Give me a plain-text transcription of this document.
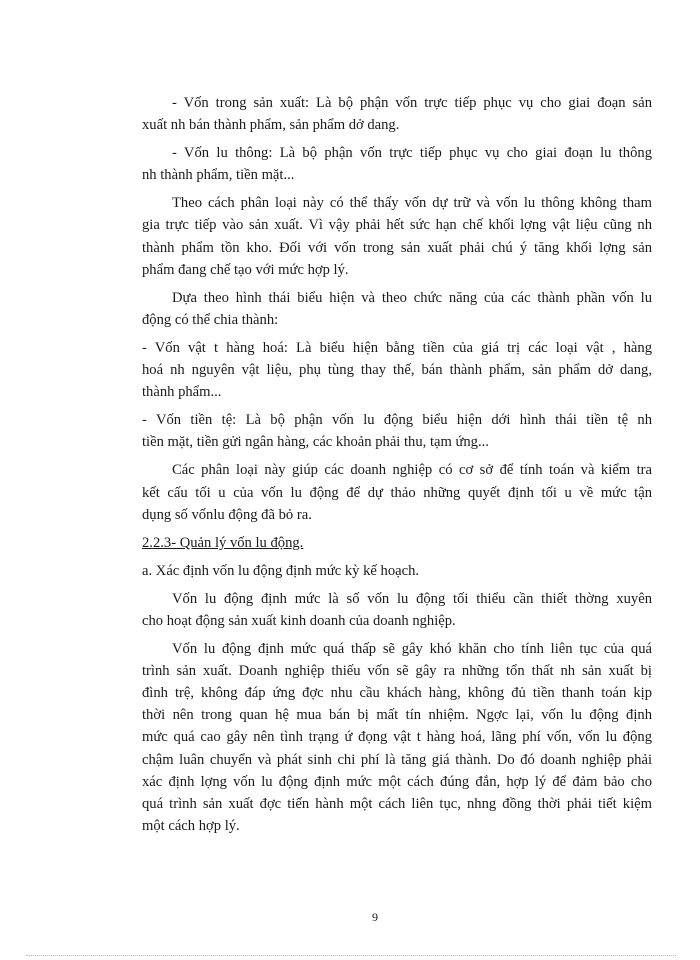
- Vốn trong sản xuất: Là bộ phận vốn trực tiếp phục vụ cho giai đoạn sản
xuất nh bán thành phẩm, sản phẩm dở dang.
- Vốn lu thông: Là bộ phận vốn trực tiếp phục vụ cho giai đoạn lu thông
nh thành phẩm, tiền mặt...
Theo cách phân loại này có thể thấy vốn dự trữ và vốn lu thông không tham
gia trực tiếp vào sản xuất. Vì vậy phải hết sức hạn chế khối lợng vật liệu cũng nh
thành phẩm tồn kho. Đối với vốn trong sản xuất phải chú ý tăng khối lợng sản
phẩm đang chế tạo với mức hợp lý.
Dựa theo hình thái biểu hiện và theo chức năng của các thành phần vốn lu
động có thể chia thành:
- Vốn vật t hàng hoá: Là biểu hiện bằng tiền của giá trị các loại vật , hàng
hoá nh nguyên vật liệu, phụ tùng thay thế, bán thành phẩm, sản phẩm dở dang,
thành phẩm...
- Vốn tiền tệ: Là bộ phận vốn lu động biểu hiện dới hình thái tiền tệ nh
tiền mặt, tiền gửi ngân hàng, các khoản phải thu, tạm ứng...
Các phân loại này giúp các doanh nghiệp có cơ sở để tính toán và kiểm tra
kết cấu tối u của vốn lu động để dự thảo những quyết định tối u về mức tận
dụng số vốnlu động đã bỏ ra.
2.2.3- Quản lý vốn lu động.
a. Xác định vốn lu động định mức kỳ kế hoạch.
Vốn lu động định mức là số vốn lu động tối thiểu cần thiết thờng xuyên
cho hoạt động sản xuất kinh doanh của doanh nghiệp.
Vốn lu động định mức quá thấp sẽ gây khó khăn cho tính liên tục của quá
trình sản xuất. Doanh nghiệp thiếu vốn sẽ gây ra những tổn thất nh sản xuất bị
đình trệ, không đáp ứng đợc nhu cầu khách hàng, không đủ tiền thanh toán kịp
thời nên trong quan hệ mua bán bị mất tín nhiệm. Ngợc lại, vốn lu động định
mức quá cao gây nên tình trạng ứ đọng vật t hàng hoá, lãng phí vốn, vốn lu động
chậm luân chuyển và phát sinh chi phí là tăng giá thành. Do đó doanh nghiệp phải
xác định lợng vốn lu động định mức một cách đúng đắn, hợp lý để đảm bảo cho
quá trình sản xuất đợc tiến hành một cách liên tục, nhng đồng thời phải tiết kiệm
một cách hợp lý.
9
